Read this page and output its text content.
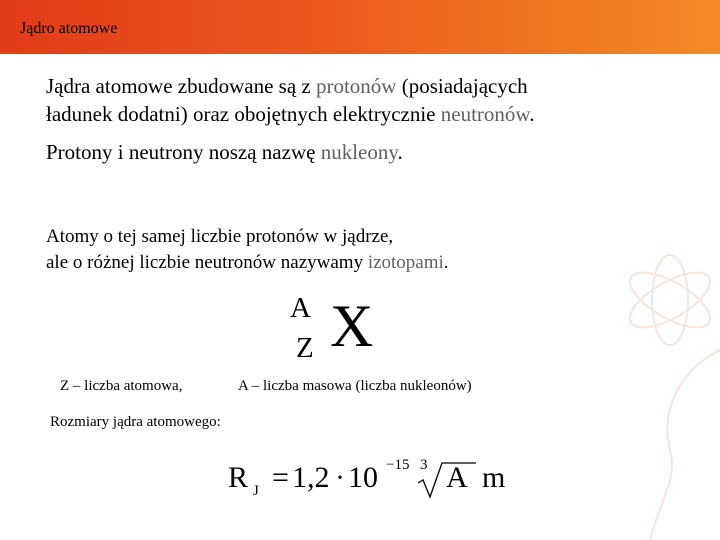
Jądro atomowe
Jądra atomowe zbudowane są z protonów (posiadających
ładunek dodatni) oraz obojętnych elektrycznie neutronów.
Protony i neutrony noszą nazwę nukleony.
Atomy o tej samej liczbie protonów w jądrze,
ale o różnej liczbie neutronów nazywamy izotopami.
A
Z X
Z – liczba atomowa,	A – liczba masowa (liczba nukleonów)
Rozmiary jądra atomowego:
R J = 1,2 · 10 −15 3 A m
